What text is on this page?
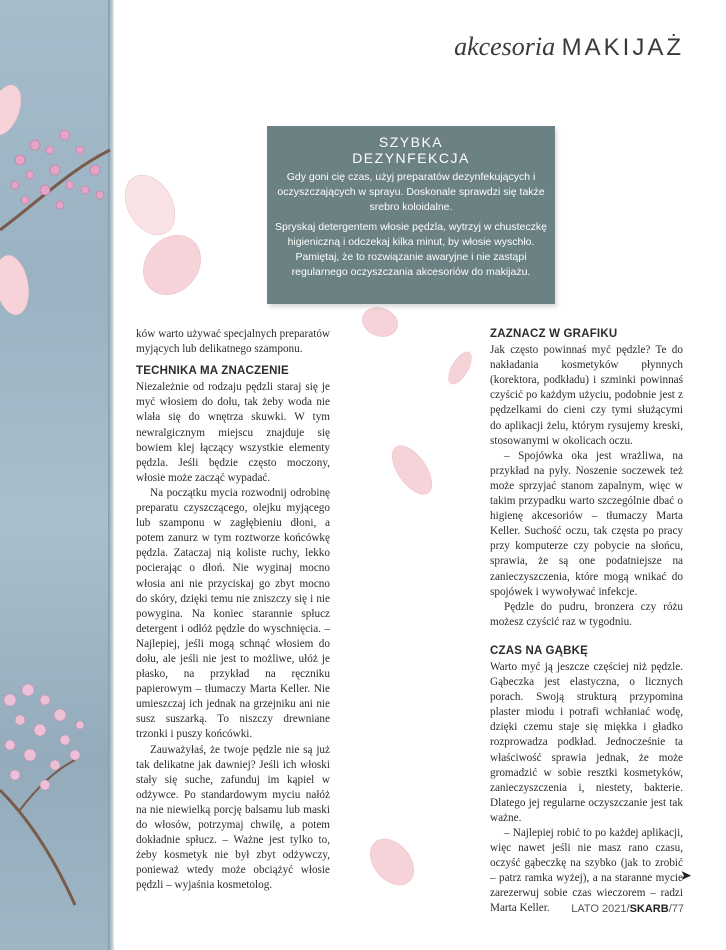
akcesoria MAKIJAŻ
SZYBKA
DEZYNFEKCJA

Gdy goni cię czas, użyj preparatów dezynfekujących i oczyszczających w sprayu. Doskonale sprawdzi się także srebro koloidalne.

Spryskaj detergentem włosie pędzla, wytrzyj w chusteczkę higieniczną i odczekaj kilka minut, by włosie wyschło. Pamiętaj, że to rozwiązanie awaryjne i nie zastąpi regularnego oczyszczania akcesoriów do makijażu.

ków warto używać specjalnych preparatów myjących lub delikatnego szamponu.

TECHNIKA MA ZNACZENIE

Niezależnie od rodzaju pędzli staraj się je myć włosiem do dołu, tak żeby woda nie wlała się do wnętrza skuwki. W tym newralgicznym miejscu znajduje się bowiem klej łączący wszystkie elementy pędzla. Jeśli będzie często moczony, włosie może zacząć wypadać.

Na początku mycia rozwodnij odrobinę preparatu czyszczącego, olejku myjącego lub szamponu w zagłębieniu dłoni, a potem zanurz w tym roztworze końcówkę pędzla. Zataczaj nią koliste ruchy, lekko pocierając o dłoń. Nie wyginaj mocno włosia ani nie przyciskaj go zbyt mocno do skóry, dzięki temu nie zniszczy się i nie powygina. Na koniec starannie spłucz detergent i odłóż pędzle do wyschnięcia. – Najlepiej, jeśli mogą schnąć włosiem do dołu, ale jeśli nie jest to możliwe, ułóż je płasko, na przykład na ręczniku papierowym – tłumaczy Marta Keller. Nie umieszczaj ich jednak na grzejniku ani nie susz suszarką. To niszczy drewniane trzonki i puszy końcówki.

Zauważyłaś, że twoje pędzle nie są już tak delikatne jak dawniej? Jeśli ich włoski stały się suche, zafunduj im kąpiel w odżywce. Po standardowym myciu nałóż na nie niewielką porcję balsamu lub maski do włosów, potrzymaj chwilę, a potem dokładnie spłucz. – Ważne jest tylko to, żeby kosmetyk nie był zbyt odżywczy, ponieważ wtedy może obciążyć włosie pędzli – wyjaśnia kosmetolog.

ZAZNACZ W GRAFIKU

Jak często powinnaś myć pędzle? Te do nakładania kosmetyków płynnych (korektora, podkładu) i szminki powinnaś czyścić po każdym użyciu, podobnie jest z pędzelkami do cieni czy tymi służącymi do aplikacji żelu, którym rysujemy kreski, stosowanymi w okolicach oczu.

– Spojówka oka jest wrażliwa, na przykład na pyły. Noszenie soczewek też może sprzyjać stanom zapalnym, więc w takim przypadku warto szczególnie dbać o higienę akcesoriów – tłumaczy Marta Keller. Suchość oczu, tak częsta po pracy przy komputerze czy pobycie na słońcu, sprawia, że są one podatniejsze na zanieczyszczenia, które mogą wnikać do spojówek i wywoływać infekcje.

Pędzle do pudru, bronzera czy różu możesz czyścić raz w tygodniu.

CZAS NA GĄBKĘ

Warto myć ją jeszcze częściej niż pędzle. Gąbeczka jest elastyczna, o licznych porach. Swoją strukturą przypomina plaster miodu i potrafi wchłaniać wodę, dzięki czemu staje się miękka i gładko rozprowadza podkład. Jednocześnie ta właściwość sprawia jednak, że może gromadzić w sobie resztki kosmetyków, zanieczyszczenia i, niestety, bakterie. Dlatego jej regularne oczyszczanie jest tak ważne.

– Najlepiej robić to po każdej aplikacji, więc nawet jeśli nie masz rano czasu, oczyść gąbeczkę na szybko (jak to zrobić – patrz ramka wyżej), a na staranne mycie zarezerwuj sobie czas wieczorem – radzi Marta Keller.

➤
LATO 2021/SKARB/77
